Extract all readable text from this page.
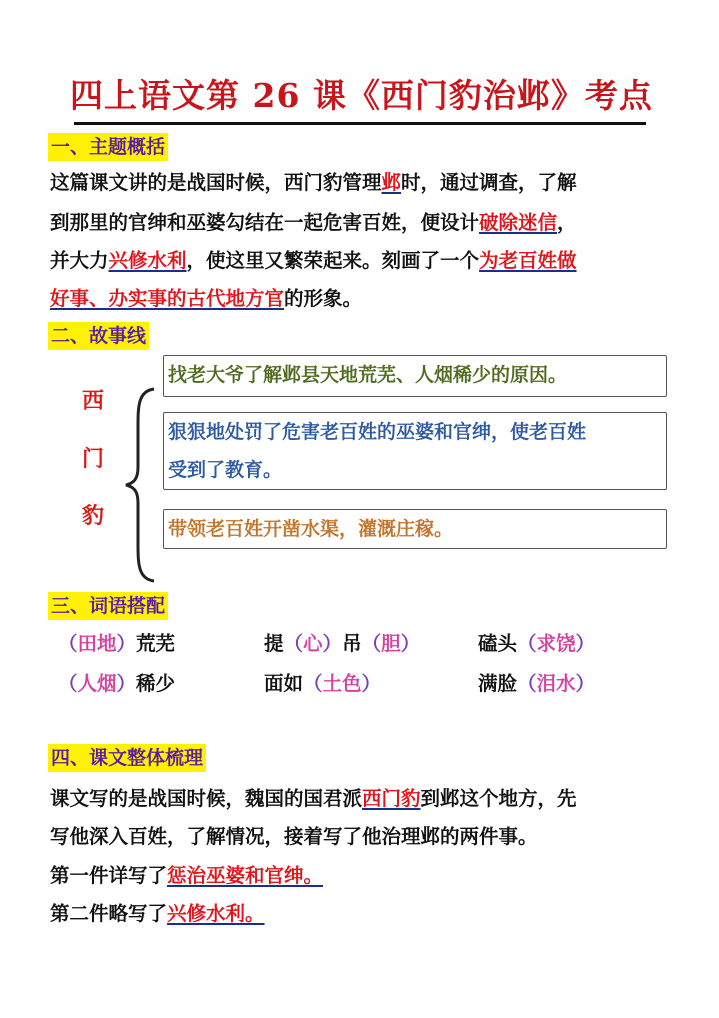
四上语文第 26 课《西门豹治邺》考点
一、主题概括
这篇课文讲的是战国时候，西门豹管理邺时，通过调查，了解
到那里的官绅和巫婆勾结在一起危害百姓，便设计破除迷信，
并大力兴修水利，使这里又繁荣起来。刻画了一个为老百姓做
好事、办实事的古代地方官的形象。
二、故事线
西
门
豹
找老大爷了解邺县天地荒芜、人烟稀少的原因。
狠狠地处罚了危害老百姓的巫婆和官绅，使老百姓
受到了教育。
带领老百姓开凿水渠，灌溉庄稼。
三、词语搭配
（田地）荒芜	提（心）吊（胆）	磕头（求饶）
（人烟）稀少	面如（土色）	满脸（泪水）
四、课文整体梳理
课文写的是战国时候，魏国的国君派西门豹到邺这个地方，先
写他深入百姓，了解情况，接着写了他治理邺的两件事。
第一件详写了惩治巫婆和官绅。
第二件略写了兴修水利。
